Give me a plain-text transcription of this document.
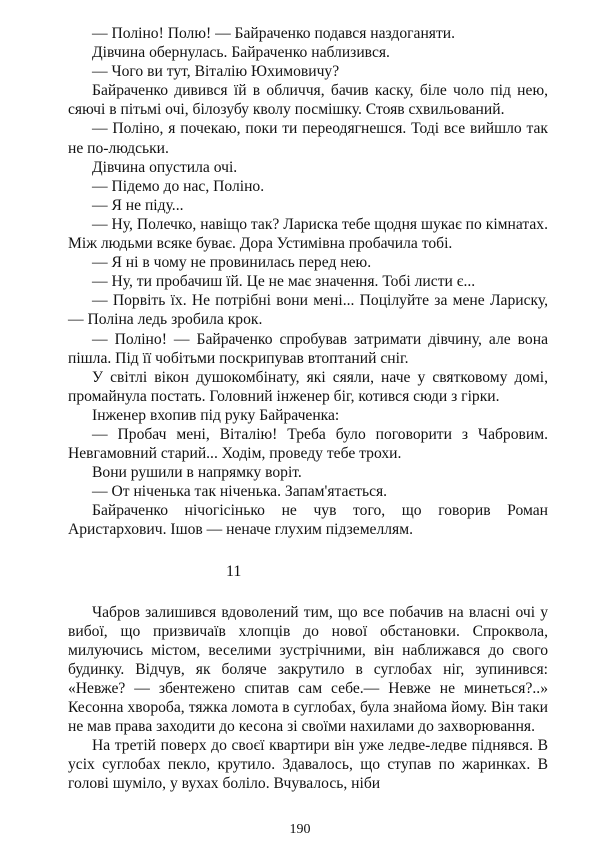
— Поліно! Полю! — Байраченко подався наздоганяти.

Дівчина обернулась. Байраченко наблизився.

— Чого ви тут, Віталію Юхимовичу?

Байраченко дивився їй в обличчя, бачив каску, біле чоло під нею, сяючі в пітьмі очі, білозубу кволу посмішку. Стояв схвильований.

— Поліно, я почекаю, поки ти переодягнешся. Тоді все вийшло так не по-людськи.

Дівчина опустила очі.

— Підемо до нас, Поліно.

— Я не піду...

— Ну, Полечко, навіщо так? Лариска тебе щодня шукає по кімнатах. Між людьми всяке буває. Дора Устимівна пробачила тобі.

— Я ні в чому не провинилась перед нею.

— Ну, ти пробачиш їй. Це не має значення. Тобі листи є...

— Порвіть їх. Не потрібні вони мені... Поцілуйте за мене Лариску,— Поліна ледь зробила крок.

— Поліно! — Байраченко спробував затримати дівчину, але вона пішла. Під її чобітьми поскрипував втоптаний сніг.

У світлі вікон душокомбінату, які сяяли, наче у святковому домі, промайнула постать. Головний інженер біг, котився сюди з гірки.

Інженер вхопив під руку Байраченка:

— Пробач мені, Віталію! Треба було поговорити з Чабровим. Невгамовний старий... Ходім, проведу тебе трохи.

Вони рушили в напрямку воріт.

— От ніченька так ніченька. Запам'ятається.

Байраченко нічогісінько не чув того, що говорив Роман Аристархович. Ішов — неначе глухим підземеллям.

11

Чабров залишився вдоволений тим, що все побачив на власні очі у вибої, що призвичаїв хлопців до нової обстановки. Спроквола, милуючись містом, веселими зустрічними, він наближався до свого будинку. Відчув, як боляче закрутило в суглобах ніг, зупинився: «Невже? — збентежено спитав сам себе.— Невже не минеться?..» Кесонна хвороба, тяжка ломота в суглобах, була знайома йому. Він таки не мав права заходити до кесона зі своїми нахилами до захворювання.

На третій поверх до своєї квартири він уже ледве-ледве піднявся. В усіх суглобах пекло, крутило. Здавалось, що ступав по жаринках. В голові шуміло, у вухах боліло. Вчувалось, ніби

190
